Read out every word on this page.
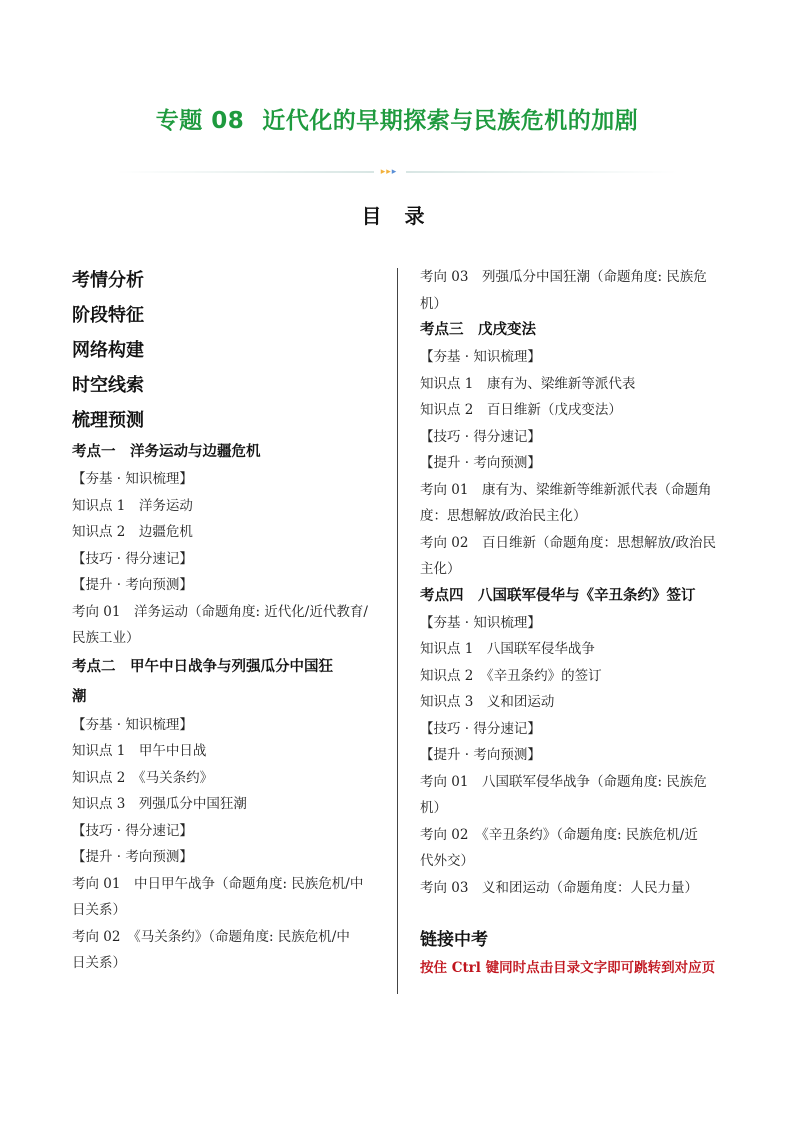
专题 08 近代化的早期探索与民族危机的加剧
▸▸▸
目 录
考情分析
阶段特征
网络构建
时空线索
梳理预测
考点一　洋务运动与边疆危机
【夯基 · 知识梳理】
知识点 1　洋务运动
知识点 2　边疆危机
【技巧 · 得分速记】
【提升 · 考向预测】
考向 01　洋务运动（命题角度: 近代化/近代教育/
民族工业）
考点二　甲午中日战争与列强瓜分中国狂
潮
【夯基 · 知识梳理】
知识点 1　甲午中日战
知识点 2　《马关条约》
知识点 3　列强瓜分中国狂潮
【技巧 · 得分速记】
【提升 · 考向预测】
考向 01　中日甲午战争（命题角度: 民族危机/中
日关系）
考向 02　《马关条约》（命题角度: 民族危机/中
日关系）
考向 03　列强瓜分中国狂潮（命题角度: 民族危
机）
考点三　戊戌变法
【夯基 · 知识梳理】
知识点 1　康有为、梁维新等派代表
知识点 2　百日维新（戊戌变法）
【技巧 · 得分速记】
【提升 · 考向预测】
考向 01　康有为、梁维新等维新派代表（命题角
度：思想解放/政治民主化）
考向 02　百日维新（命题角度：思想解放/政治民
主化）
考点四　八国联军侵华与《辛丑条约》签订
【夯基 · 知识梳理】
知识点 1　八国联军侵华战争
知识点 2　《辛丑条约》的签订
知识点 3　义和团运动
【技巧 · 得分速记】
【提升 · 考向预测】
考向 01　八国联军侵华战争（命题角度: 民族危
机）
考向 02　《辛丑条约》（命题角度: 民族危机/近
代外交）
考向 03　义和团运动（命题角度：人民力量）
链接中考
按住 Ctrl 键同时点击目录文字即可跳转到对应页
